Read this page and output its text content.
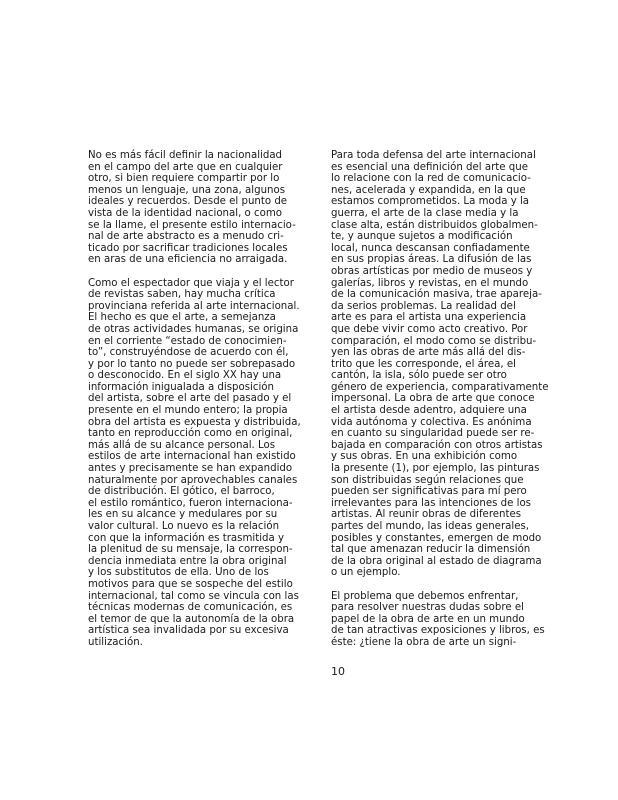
No es más fácil definir la nacionalidad
en el campo del arte que en cualquier
otro, si bien requiere compartir por lo
menos un lenguaje, una zona, algunos
ideales y recuerdos. Desde el punto de
vista de la identidad nacional, o como
se la llame, el presente estilo internacio-
nal de arte abstracto es a menudo cri-
ticado por sacrificar tradiciones locales
en aras de una eficiencia no arraigada.
Como el espectador que viaja y el lector
de revistas saben, hay mucha crítica
provinciana referida al arte internacional.
El hecho es que el arte, a semejanza
de otras actividades humanas, se origina
en el corriente “estado de conocimien-
to”, construyéndose de acuerdo con él,
y por lo tanto no puede ser sobrepasado
o desconocido. En el siglo XX hay una
información inigualada a disposición
del artista, sobre el arte del pasado y el
presente en el mundo entero; la propia
obra del artista es expuesta y distribuida,
tanto en reproducción como en original,
más allá de su alcance personal. Los
estilos de arte internacional han existido
antes y precisamente se han expandido
naturalmente por aprovechables canales
de distribución. El gótico, el barroco,
el estilo romántico, fueron internaciona-
les en su alcance y medulares por su
valor cultural. Lo nuevo es la relación
con que la información es trasmitida y
la plenitud de su mensaje, la correspon-
dencia inmediata entre la obra original
y los substitutos de ella. Uno de los
motivos para que se sospeche del estilo
internacional, tal como se vincula con las
técnicas modernas de comunicación, es
el temor de que la autonomía de la obra
artística sea invalidada por su excesiva
utilización.
Para toda defensa del arte internacional
es esencial una definición del arte que
lo relacione con la red de comunicacio-
nes, acelerada y expandida, en la que
estamos comprometidos. La moda y la
guerra, el arte de la clase media y la
clase alta, están distribuidos globalmen-
te, y aunque sujetos a modificación
local, nunca descansan confiadamente
en sus propias áreas. La difusión de las
obras artísticas por medio de museos y
galerías, libros y revistas, en el mundo
de la comunicación masiva, trae apareja-
da serios problemas. La realidad del
arte es para el artista una experiencia
que debe vivir como acto creativo. Por
comparación, el modo como se distribu-
yen las obras de arte más allá del dis-
trito que les corresponde, el área, el
cantón, la isla, sólo puede ser otro
género de experiencia, comparativamente
impersonal. La obra de arte que conoce
el artista desde adentro, adquiere una
vida autónoma y colectiva. Es anónima
en cuanto su singularidad puede ser re-
bajada en comparación con otros artistas
y sus obras. En una exhibición como
la presente (1), por ejemplo, las pinturas
son distribuidas según relaciones que
pueden ser significativas para mí pero
irrelevantes para las intenciones de los
artistas. Al reunir obras de diferentes
partes del mundo, las ideas generales,
posibles y constantes, emergen de modo
tal que amenazan reducir la dimensión
de la obra original al estado de diagrama
o un ejemplo.
El problema que debemos enfrentar,
para resolver nuestras dudas sobre el
papel de la obra de arte en un mundo
de tan atractivas exposiciones y libros, es
éste: ¿tiene la obra de arte un signi-
10
